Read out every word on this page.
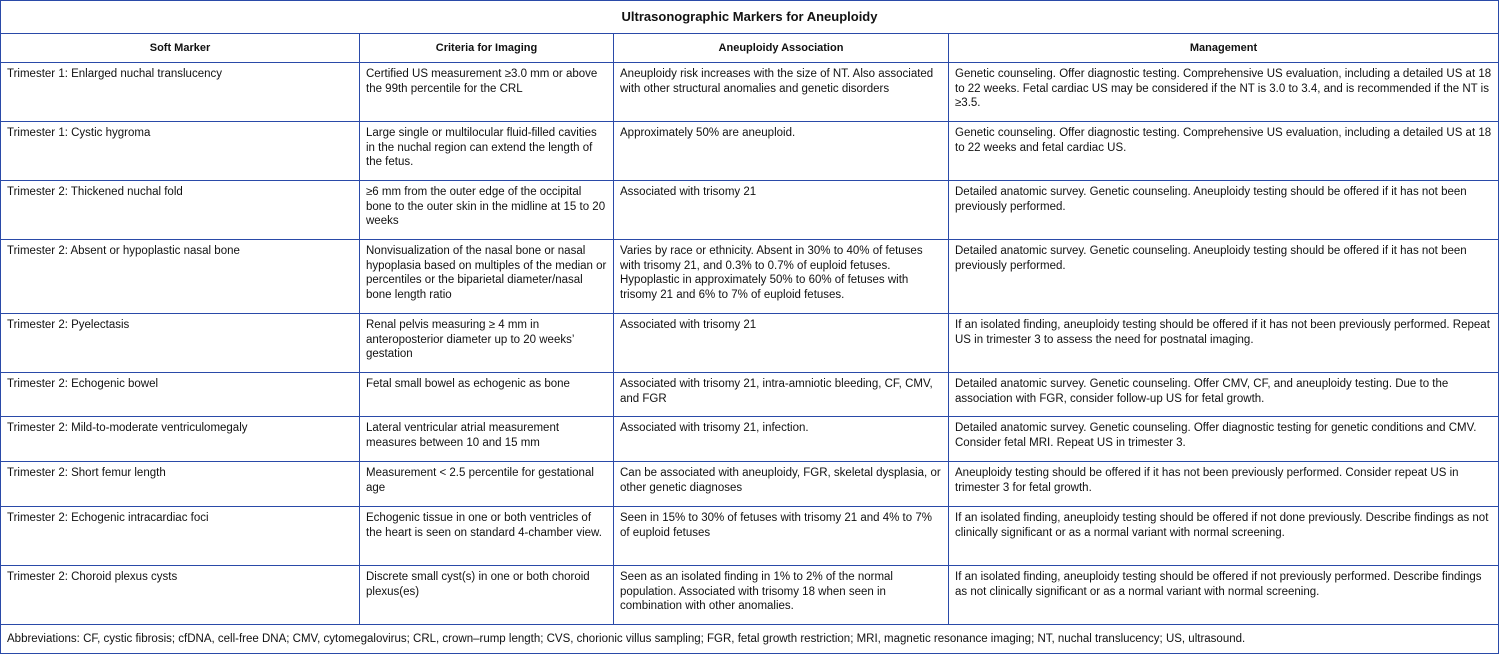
Ultrasonographic Markers for Aneuploidy			
Soft Marker	Criteria for Imaging	Aneuploidy Association	Management
Trimester 1: Enlarged nuchal translucency	Certified US measurement ≥3.0 mm or above the 99th percentile for the CRL	Aneuploidy risk increases with the size of NT. Also associated with other structural anomalies and genetic disorders	Genetic counseling. Offer diagnostic testing. Comprehensive US evaluation, including a detailed US at 18 to 22 weeks. Fetal cardiac US may be considered if the NT is 3.0 to 3.4, and is recommended if the NT is ≥3.5.
Trimester 1: Cystic hygroma	Large single or multilocular fluid-filled cavities in the nuchal region can extend the length of the fetus.	Approximately 50% are aneuploid.	Genetic counseling. Offer diagnostic testing. Comprehensive US evaluation, including a detailed US at 18 to 22 weeks and fetal cardiac US.
Trimester 2: Thickened nuchal fold	≥6 mm from the outer edge of the occipital bone to the outer skin in the midline at 15 to 20 weeks	Associated with trisomy 21	Detailed anatomic survey. Genetic counseling. Aneuploidy testing should be offered if it has not been previously performed.
Trimester 2: Absent or hypoplastic nasal bone	Nonvisualization of the nasal bone or nasal hypoplasia based on multiples of the median or percentiles or the biparietal diameter/nasal bone length ratio	Varies by race or ethnicity. Absent in 30% to 40% of fetuses with trisomy 21, and 0.3% to 0.7% of euploid fetuses. Hypoplastic in approximately 50% to 60% of fetuses with trisomy 21 and 6% to 7% of euploid fetuses.	Detailed anatomic survey. Genetic counseling. Aneuploidy testing should be offered if it has not been previously performed.
Trimester 2: Pyelectasis	Renal pelvis measuring ≥ 4 mm in anteroposterior diameter up to 20 weeks’ gestation	Associated with trisomy 21	If an isolated finding, aneuploidy testing should be offered if it has not been previously performed. Repeat US in trimester 3 to assess the need for postnatal imaging.
Trimester 2: Echogenic bowel	Fetal small bowel as echogenic as bone	Associated with trisomy 21, intra-amniotic bleeding, CF, CMV, and FGR	Detailed anatomic survey. Genetic counseling. Offer CMV, CF, and aneuploidy testing. Due to the association with FGR, consider follow-up US for fetal growth.
Trimester 2: Mild-to-moderate ventriculomegaly	Lateral ventricular atrial measurement measures between 10 and 15 mm	Associated with trisomy 21, infection.	Detailed anatomic survey. Genetic counseling. Offer diagnostic testing for genetic conditions and CMV. Consider fetal MRI. Repeat US in trimester 3.
Trimester 2: Short femur length	Measurement < 2.5 percentile for gestational age	Can be associated with aneuploidy, FGR, skeletal dysplasia, or other genetic diagnoses	Aneuploidy testing should be offered if it has not been previously performed. Consider repeat US in trimester 3 for fetal growth.
Trimester 2: Echogenic intracardiac foci	Echogenic tissue in one or both ventricles of the heart is seen on standard 4-chamber view.	Seen in 15% to 30% of fetuses with trisomy 21 and 4% to 7% of euploid fetuses	If an isolated finding, aneuploidy testing should be offered if not done previously. Describe findings as not clinically significant or as a normal variant with normal screening.
Trimester 2: Choroid plexus cysts	Discrete small cyst(s) in one or both choroid plexus(es)	Seen as an isolated finding in 1% to 2% of the normal population. Associated with trisomy 18 when seen in combination with other anomalies.	If an isolated finding, aneuploidy testing should be offered if not previously performed. Describe findings as not clinically significant or as a normal variant with normal screening.
Abbreviations: CF, cystic fibrosis; cfDNA, cell-free DNA; CMV, cytomegalovirus; CRL, crown–rump length; CVS, chorionic villus sampling; FGR, fetal growth restriction; MRI, magnetic resonance imaging; NT, nuchal translucency; US, ultrasound.			
